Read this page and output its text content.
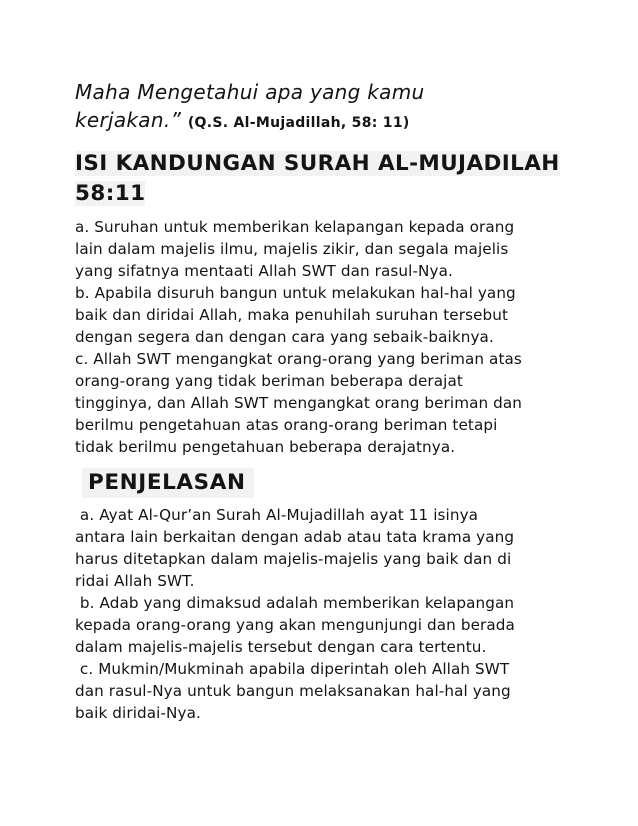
Maha Mengetahui apa yang kamu
kerjakan.” (Q.S. Al-Mujadillah, 58: 11)

ISI KANDUNGAN SURAH AL-MUJADILAH
58:11
a. Suruhan untuk memberikan kelapangan kepada orang
lain dalam majelis ilmu, majelis zikir, dan segala majelis
yang sifatnya mentaati Allah SWT dan rasul-Nya.
b. Apabila disuruh bangun untuk melakukan hal-hal yang
baik dan diridai Allah, maka penuhilah suruhan tersebut
dengan segera dan dengan cara yang sebaik-baiknya.
c. Allah SWT mengangkat orang-orang yang beriman atas
orang-orang yang tidak beriman beberapa derajat
tingginya, dan Allah SWT mengangkat orang beriman dan
berilmu pengetahuan atas orang-orang beriman tetapi
tidak berilmu pengetahuan beberapa derajatnya.
PENJELASAN
a. Ayat Al-Qur’an Surah Al-Mujadillah ayat 11 isinya
antara lain berkaitan dengan adab atau tata krama yang
harus ditetapkan dalam majelis-majelis yang baik dan di
ridai Allah SWT.
b. Adab yang dimaksud adalah memberikan kelapangan
kepada orang-orang yang akan mengunjungi dan berada
dalam majelis-majelis tersebut dengan cara tertentu.
c. Mukmin/Mukminah apabila diperintah oleh Allah SWT
dan rasul-Nya untuk bangun melaksanakan hal-hal yang
baik diridai-Nya.
